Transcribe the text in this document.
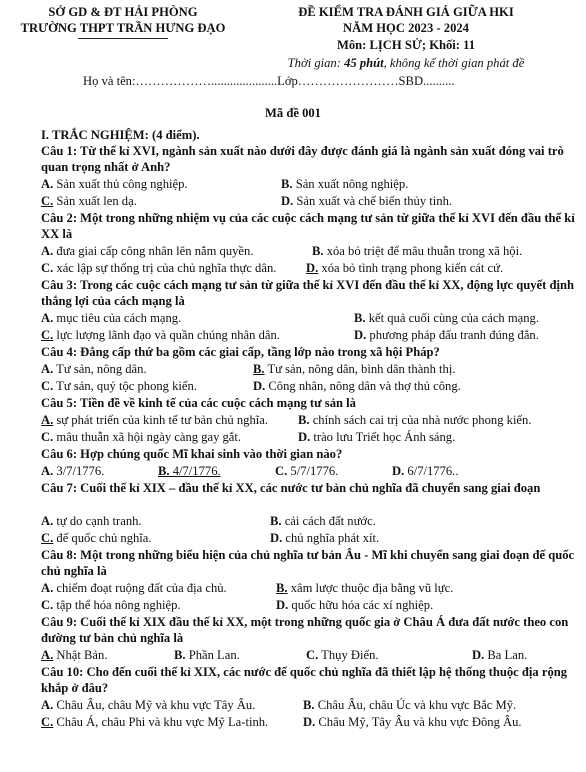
SỞ GD & ĐT HẢI PHÒNG
TRƯỜNG THPT TRẦN HƯNG ĐẠO
ĐỀ KIỂM TRA ĐÁNH GIÁ GIỮA HKI
NĂM HỌC 2023 - 2024
Môn: LỊCH SỬ; Khối: 11
Thời gian: 45 phút, không kể thời gian phát đề
Họ và tên:……………….....................Lớp……………………SBD..........
Mã đề 001
I. TRẮC NGHIỆM: (4 điểm).
Câu 1: Từ thế kỉ XVI, ngành sản xuất nào dưới đây được đánh giá là ngành sản xuất đóng vai trò quan trọng nhất ở Anh?
A. Sản xuất thủ công nghiệp.	B. Sản xuất nông nghiệp.
C. Sản xuất len dạ.	D. Sản xuất và chế biến thủy tinh.
Câu 2: Một trong những nhiệm vụ của các cuộc cách mạng tư sản từ giữa thế kỉ XVI đến đầu thế kỉ XX là
A. đưa giai cấp công nhân lên nắm quyền.	B. xóa bỏ triệt để mâu thuẫn trong xã hội.
C. xác lập sự thống trị của chủ nghĩa thực dân. D. xóa bỏ tình trạng phong kiến cát cứ.
Câu 3: Trong các cuộc cách mạng tư sản từ giữa thế kỉ XVI đến đầu thế kỉ XX, động lực quyết định thắng lợi của cách mạng là
A. mục tiêu của cách mạng.	B. kết quả cuối cùng của cách mạng.
C. lực lượng lãnh đạo và quần chúng nhân dân.	D. phương pháp đấu tranh đúng đắn.
Câu 4: Đẳng cấp thứ ba gồm các giai cấp, tầng lớp nào trong xã hội Pháp?
A. Tư sản, nông dân.	B. Tư sản, nông dân, bình dân thành thị.
C. Tư sản, quý tộc phong kiến.	D. Công nhân, nông dân và thợ thủ công.
Câu 5: Tiền đề về kinh tế của các cuộc cách mạng tư sản là
A. sự phát triển của kinh tế tư bản chủ nghĩa. B. chính sách cai trị của nhà nước phong kiến.
C. mâu thuẫn xã hội ngày càng gay gắt.	D. trào lưu Triết học Ánh sáng.
Câu 6: Hợp chúng quốc Mĩ khai sinh vào thời gian nào?
A. 3/7/1776.	B. 4/7/1776.	C. 5/7/1776.	D. 6/7/1776..
Câu 7: Cuối thế kỉ XIX – đầu thế kỉ XX, các nước tư bản chủ nghĩa đã chuyển sang giai đoạn
A. tự do cạnh tranh.	B. cải cách đất nước.
C. đế quốc chủ nghĩa.	D. chủ nghĩa phát xít.
Câu 8: Một trong những biểu hiện của chủ nghĩa tư bản Âu - Mĩ khi chuyển sang giai đoạn đế quốc chủ nghĩa là
A. chiếm đoạt ruộng đất của địa chủ.	B. xâm lược thuộc địa bằng vũ lực.
C. tập thể hóa nông nghiệp.	D. quốc hữu hóa các xí nghiệp.
Câu 9: Cuối thế kỉ XIX đầu thế kỉ XX, một trong những quốc gia ở Châu Á đưa đất nước theo con đường tư bản chủ nghĩa là
A. Nhật Bản.	B. Phần Lan.	C. Thụy Điển.	D. Ba Lan.
Câu 10: Cho đến cuối thế kỉ XIX, các nước đế quốc chủ nghĩa đã thiết lập hệ thống thuộc địa rộng khắp ở đâu?
A. Châu Âu, châu Mỹ và khu vực Tây Âu.	B. Châu Âu, châu Úc và khu vực Bắc Mỹ.
C. Châu Á, châu Phi và khu vực Mỹ La-tinh.	D. Châu Mỹ, Tây Âu và khu vực Đông Âu.
